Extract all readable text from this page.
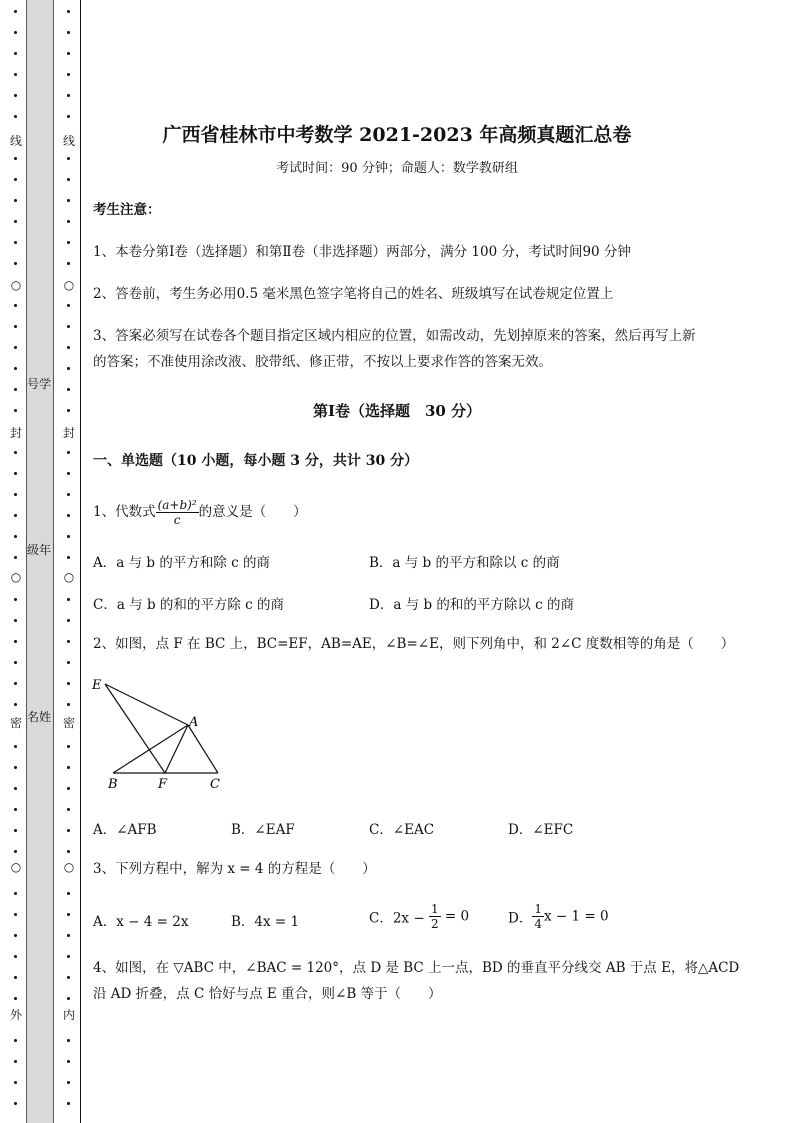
线
○
封
○
密
○
外
号学
级年
名姓
线
○
封
○
密
○
内
广西省桂林市中考数学 2021-2023 年高频真题汇总卷
考试时间：90 分钟；命题人：数学教研组
考生注意：
1、本卷分第Ⅰ卷（选择题）和第Ⅱ卷（非选择题）两部分，满分 100 分，考试时间90 分钟
2、答卷前，考生务必用0.5 毫米黑色签字笔将自己的姓名、班级填写在试卷规定位置上
3、答案必须写在试卷各个题目指定区域内相应的位置，如需改动，先划掉原来的答案，然后再写上新
的答案；不准使用涂改液、胶带纸、修正带，不按以上要求作答的答案无效。
第Ⅰ卷（选择题　30 分）
一、单选题（10 小题，每小题 3 分，共计 30 分）
1、代数式 $\frac{\text{(a+b)²}}{c}$ 的意义是（　　）
A．a 与 b 的平方和除 c 的商	B．a 与 b 的平方和除以 c 的商
C．a 与 b 的和的平方除 c 的商	D．a 与 b 的和的平方除以 c 的商
2、如图，点 F 在 BC 上，BC=EF，AB=AE，∠B=∠E，则下列角中，和 2∠C 度数相等的角是（　　）
E
A
B	F	C
A．∠AFB	B．∠EAF	C．∠EAC	D．∠EFC
3、下列方程中，解为 x = 4 的方程是（　　）
A．x − 4 = 2x	B．4x = 1	C．$2x - \frac{1}{2} = 0$	D． $\frac{1}{4}$ x − 1 = 0
4、如图，在 ▽ABC 中，∠BAC = 120°，点 D 是 BC 上一点，BD 的垂直平分线交 AB 于点 E，将△ACD
沿 AD 折叠，点 C 恰好与点 E 重合，则∠B 等于（　　）
